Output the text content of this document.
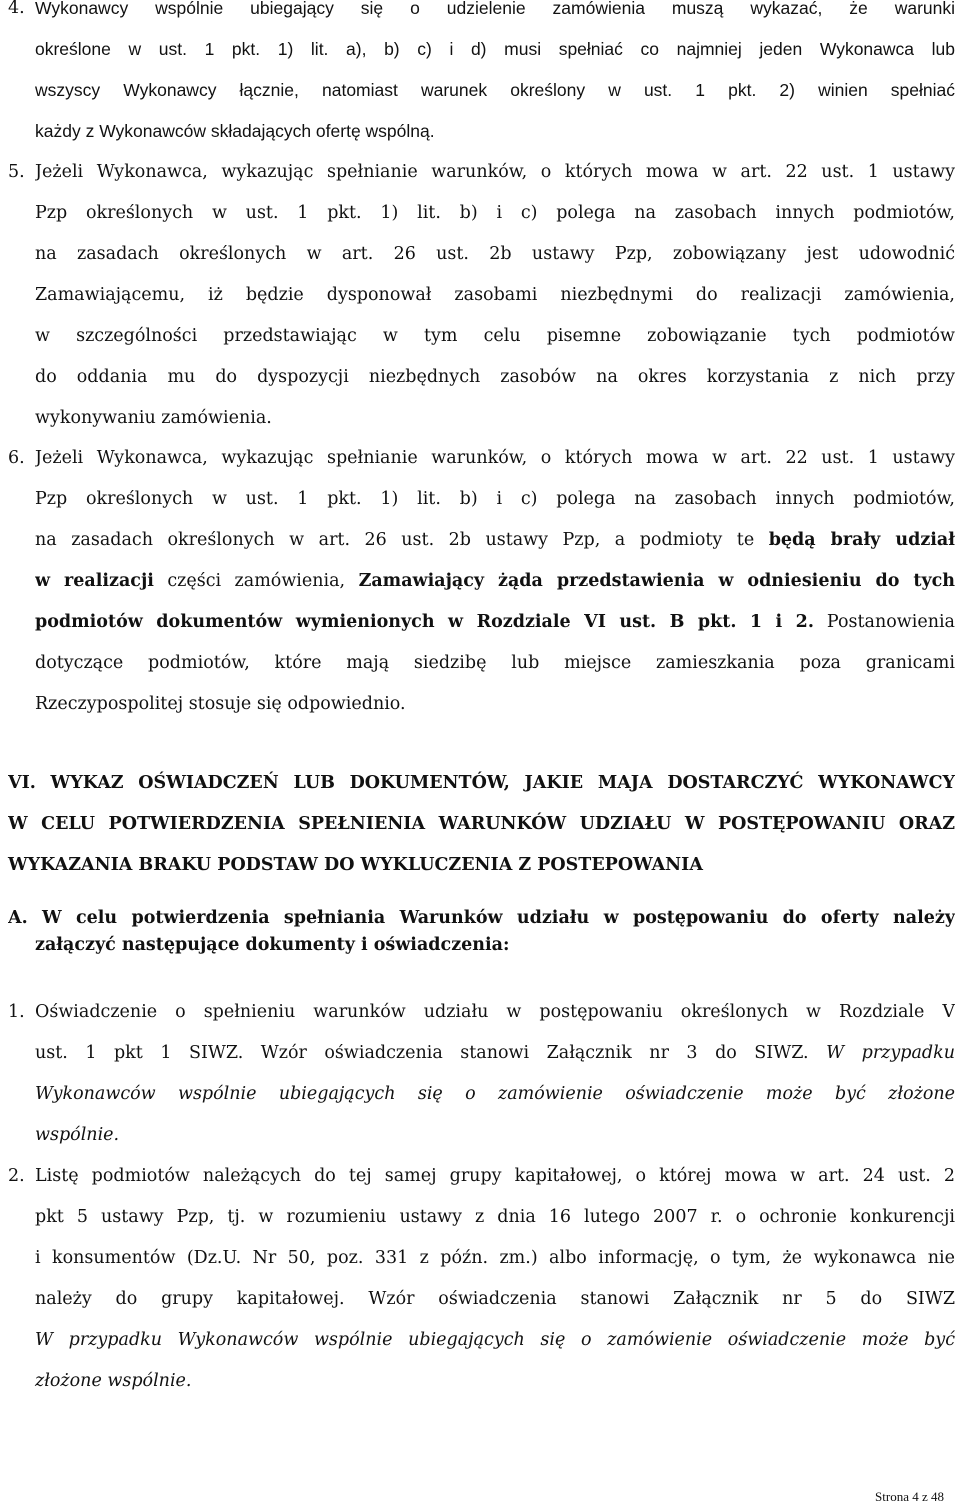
4. Wykonawcy wspólnie ubiegający się o udzielenie zamówienia muszą wykazać, że warunki
określone w ust. 1 pkt. 1) lit. a), b) c) i d) musi spełniać co najmniej jeden Wykonawca lub
wszyscy Wykonawcy łącznie, natomiast warunek określony w ust. 1 pkt. 2) winien spełniać
każdy z Wykonawców składających ofertę wspólną.
5. Jeżeli Wykonawca, wykazując spełnianie warunków, o których mowa w art. 22 ust. 1 ustawy
Pzp określonych w ust. 1 pkt. 1) lit. b) i c) polega na zasobach innych podmiotów,
na zasadach określonych w art. 26 ust. 2b ustawy Pzp, zobowiązany jest udowodnić
Zamawiającemu, iż będzie dysponował zasobami niezbędnymi do realizacji zamówienia,
w szczególności przedstawiając w tym celu pisemne zobowiązanie tych podmiotów
do oddania mu do dyspozycji niezbędnych zasobów na okres korzystania z nich przy
wykonywaniu zamówienia.
6. Jeżeli Wykonawca, wykazując spełnianie warunków, o których mowa w art. 22 ust. 1 ustawy
Pzp określonych w ust. 1 pkt. 1) lit. b) i c) polega na zasobach innych podmiotów,
na zasadach określonych w art. 26 ust. 2b ustawy Pzp, a podmioty te będą brały udział
w realizacji części zamówienia, Zamawiający żąda przedstawienia w odniesieniu do tych
podmiotów dokumentów wymienionych w Rozdziale VI ust. B pkt. 1 i 2. Postanowienia
dotyczące podmiotów, które mają siedzibę lub miejsce zamieszkania poza granicami
Rzeczypospolitej stosuje się odpowiednio.
VI. WYKAZ OŚWIADCZEŃ LUB DOKUMENTÓW, JAKIE MAJA DOSTARCZYĆ WYKONAWCY
W CELU POTWIERDZENIA SPEŁNIENIA WARUNKÓW UDZIAŁU W POSTĘPOWANIU ORAZ
WYKAZANIA BRAKU PODSTAW DO WYKLUCZENIA Z POSTEPOWANIA
A. W celu potwierdzenia spełniania Warunków udziału w postępowaniu do oferty należy
załączyć następujące dokumenty i oświadczenia:
1. Oświadczenie o spełnieniu warunków udziału w postępowaniu określonych w Rozdziale V
ust. 1 pkt 1 SIWZ. Wzór oświadczenia stanowi Załącznik nr 3 do SIWZ. W przypadku
Wykonawców wspólnie ubiegających się o zamówienie oświadczenie może być złożone
wspólnie.
2. Listę podmiotów należących do tej samej grupy kapitałowej, o której mowa w art. 24 ust. 2
pkt 5 ustawy Pzp, tj. w rozumieniu ustawy z dnia 16 lutego 2007 r. o ochronie konkurencji
i konsumentów (Dz.U. Nr 50, poz. 331 z późn. zm.) albo informację, o tym, że wykonawca nie
należy do grupy kapitałowej. Wzór oświadczenia stanowi Załącznik nr 5 do SIWZ
W przypadku Wykonawców wspólnie ubiegających się o zamówienie oświadczenie może być
złożone wspólnie.
Strona 4 z 48
